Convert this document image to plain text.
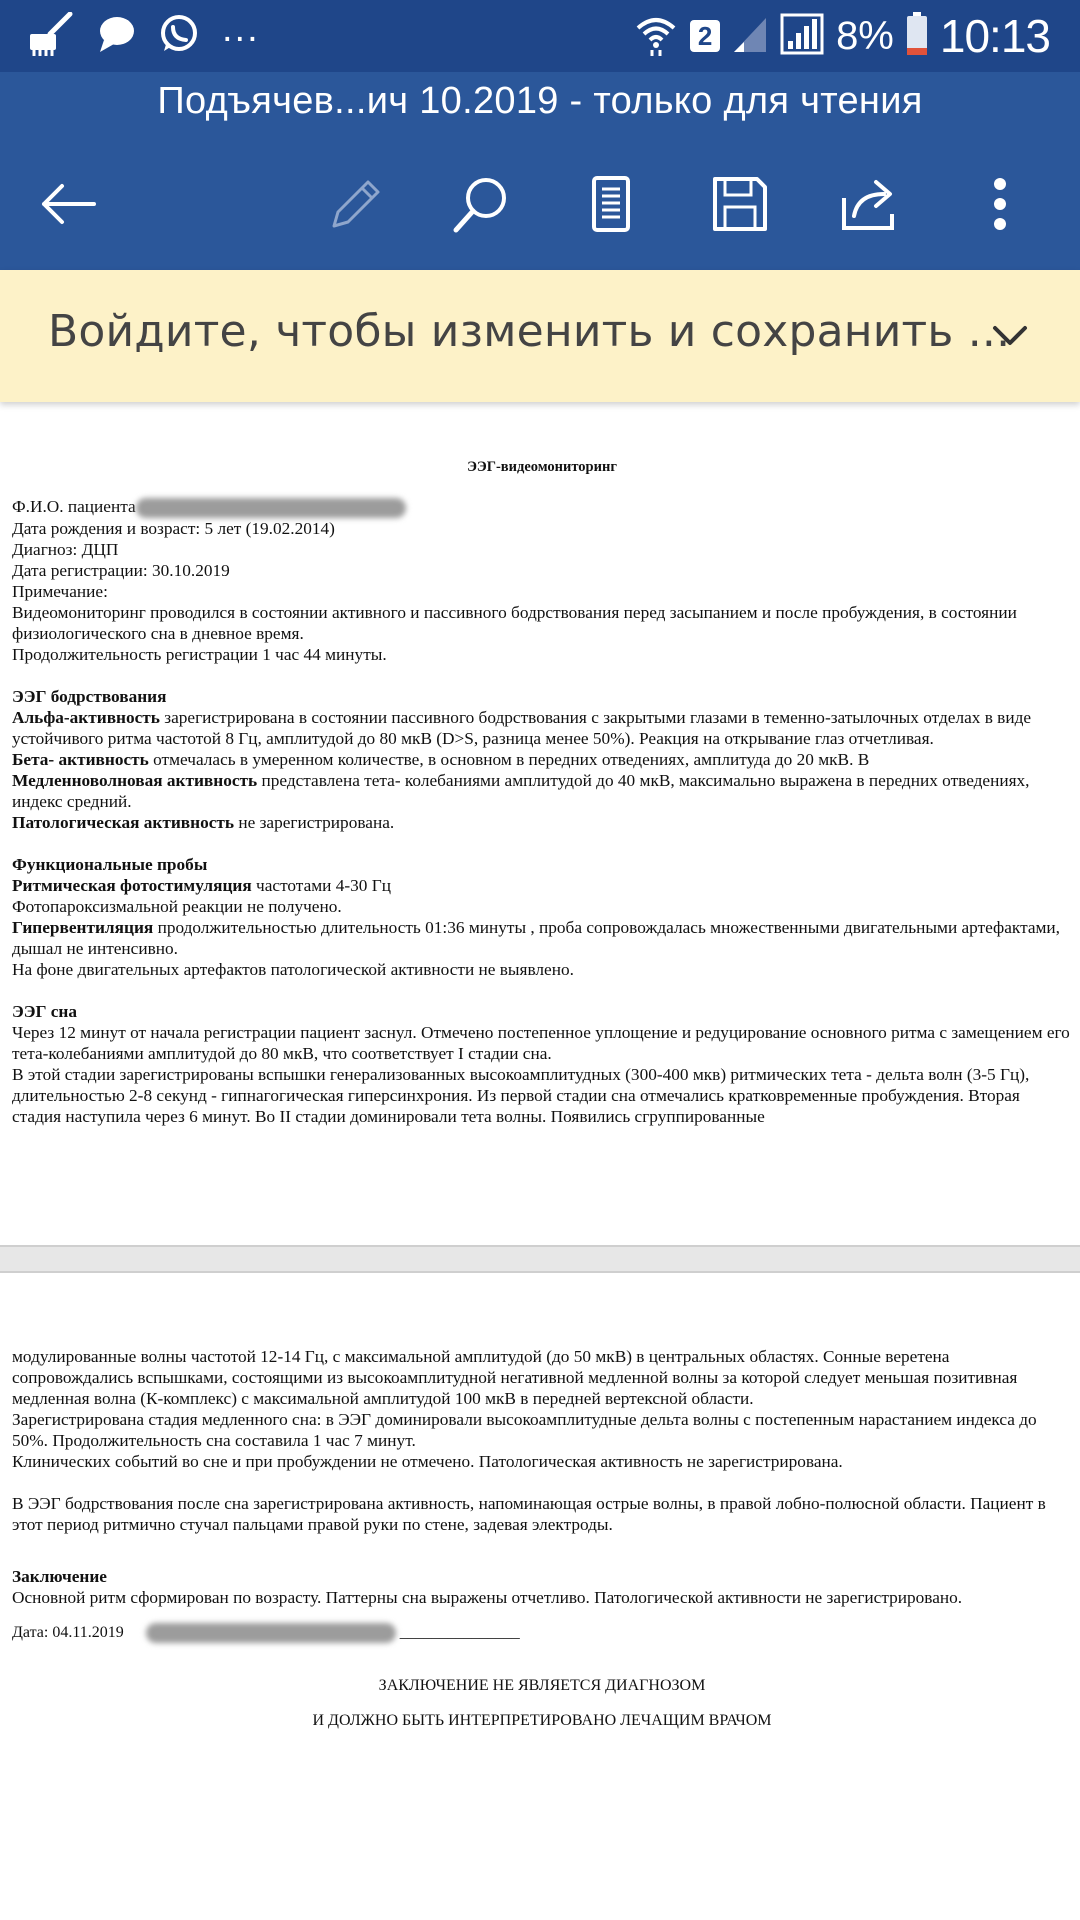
...	2	8% 10:13
Подъячев...ич 10.2019 - только для чтения
Войдите, чтобы изменить и сохранить ...

ЭЭГ-видеомониторинг

Ф.И.О. пациента

Дата рождения и возраст: 5 лет (19.02.2014)

Диагноз: ДЦП

Дата регистрации: 30.10.2019

Примечание:

Видеомониторинг проводился в состоянии активного и пассивного бодрствования перед засыпанием и после пробуждения, в состоянии физиологического сна в дневное время.

Продолжительность регистрации 1 час 44 минуты.

ЭЭГ бодрствования

Альфа-активность зарегистрирована в состоянии пассивного бодрствования с закрытыми глазами в теменно-затылочных отделах в виде устойчивого ритма частотой 8 Гц, амплитудой до 80 мкВ (D>S, разница менее 50%). Реакция на открывание глаз отчетливая.

Бета- активность отмечалась в умеренном количестве, в основном в передних отведениях, амплитуда до 20 мкВ. В

Медленноволновая активность представлена тета- колебаниями амплитудой до 40 мкВ, максимально выражена в передних отведениях, индекс средний.

Патологическая активность не зарегистрирована.

Функциональные пробы

Ритмическая фотостимуляция частотами 4-30 Гц

Фотопароксизмальной реакции не получено.

Гипервентиляция продолжительностью длительность 01:36 минуты , проба сопровождалась множественными двигательными артефактами, дышал не интенсивно.

На фоне двигательных артефактов патологической активности не выявлено.

ЭЭГ сна

Через 12 минут от начала регистрации пациент заснул. Отмечено постепенное уплощение и редуцирование основного ритма с замещением его тета-колебаниями амплитудой до 80 мкВ, что соответствует I стадии сна.

В этой стадии зарегистрированы вспышки генерализованных высокоамплитудных (300-400 мкв) ритмических тета - дельта волн (3-5 Гц), длительностью 2-8 секунд - гипнагогическая гиперсинхрония. Из первой стадии сна отмечались кратковременные пробуждения. Вторая стадия наступила через 6 минут. Во II стадии доминировали тета волны. Появились сгруппированные

модулированные волны частотой 12-14 Гц, с максимальной амплитудой (до 50 мкВ) в центральных областях. Сонные веретена сопровождались вспышками, состоящими из высокоамплитудной негативной медленной волны за которой следует меньшая позитивная медленная волна (К-комплекс) с максимальной амплитудой 100 мкВ в передней вертексной области.

Зарегистрирована стадия медленного сна: в ЭЭГ доминировали высокоамплитудные дельта волны с постепенным нарастанием индекса до 50%. Продолжительность сна составила 1 час 7 минут.

Клинических событий во сне и при пробуждении не отмечено. Патологическая активность не зарегистрирована.

В ЭЭГ бодрствования после сна зарегистрирована активность, напоминающая острые волны, в правой лобно-полюсной области. Пациент в этот период ритмично стучал пальцами правой руки по стене, задевая электроды.

Заключение

Основной ритм сформирован по возрасту. Паттерны сна выражены отчетливо. Патологической активности не зарегистрировано.

Дата: 04.11.2019	_______________

ЗАКЛЮЧЕНИЕ НЕ ЯВЛЯЕТСЯ ДИАГНОЗОМ

И ДОЛЖНО БЫТЬ ИНТЕРПРЕТИРОВАНО ЛЕЧАЩИМ ВРАЧОМ
